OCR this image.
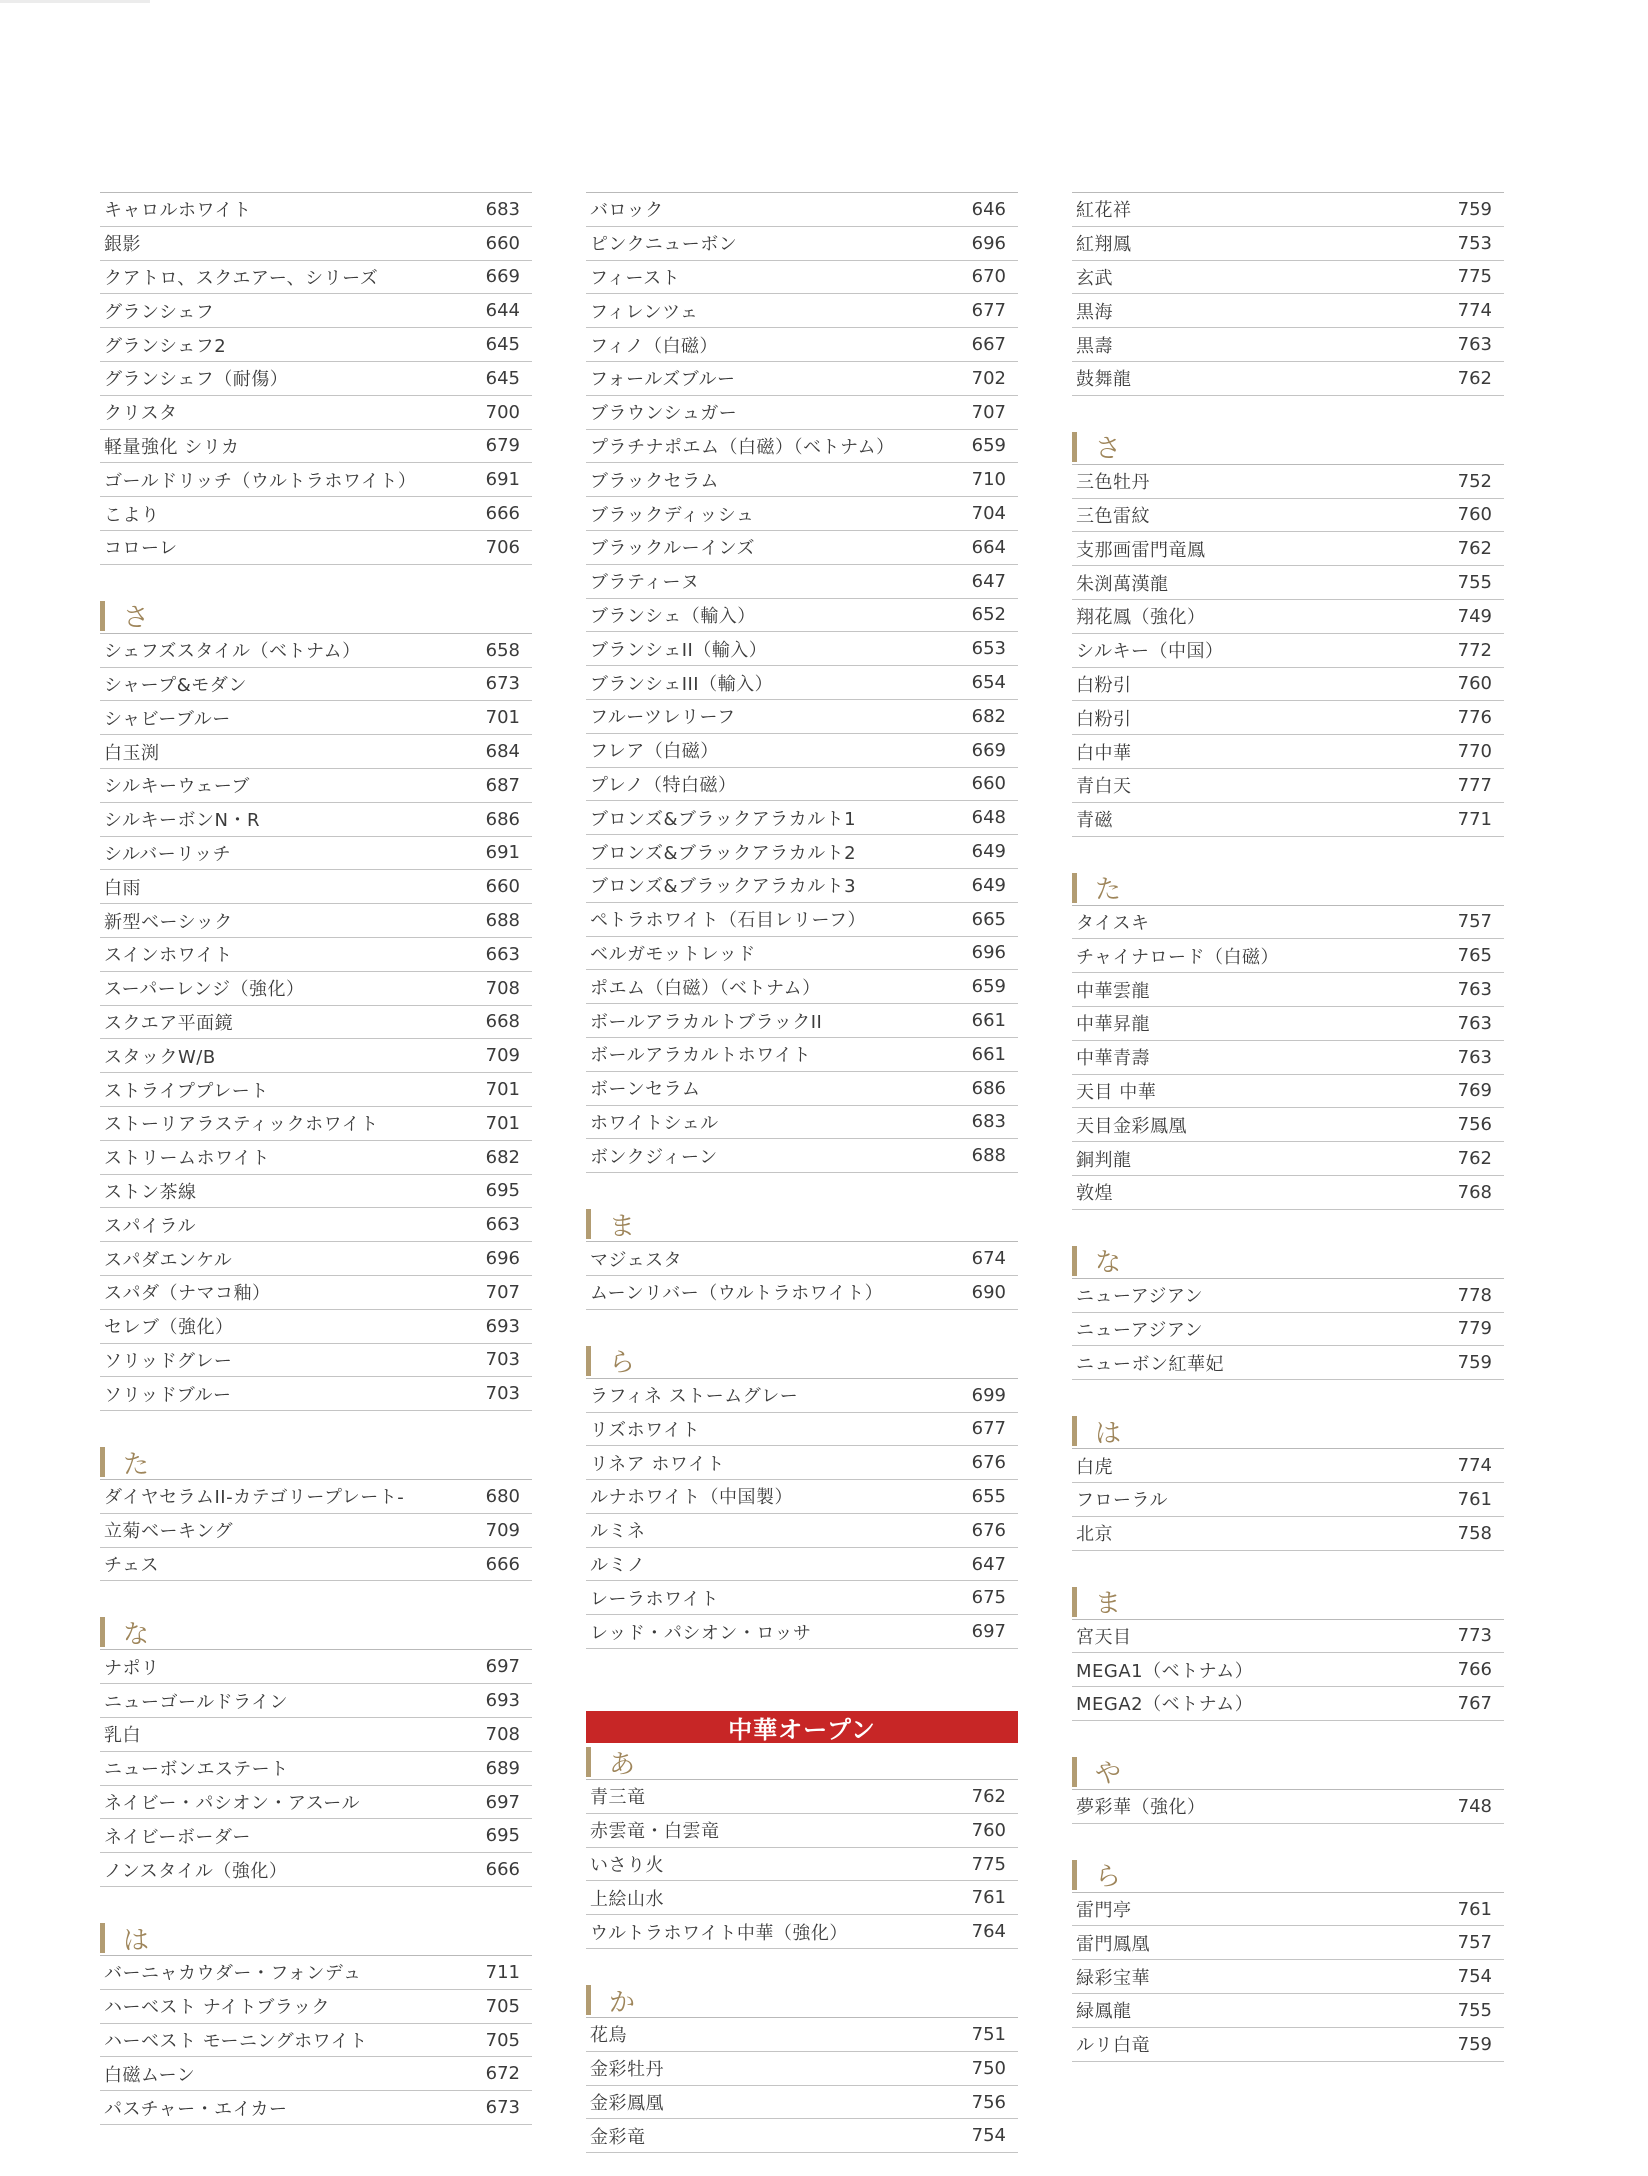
キャロルホワイト	683
銀影	660
クアトロ、スクエアー、シリーズ	669
グランシェフ	644
グランシェフ2	645
グランシェフ（耐傷）	645
クリスタ	700
軽量強化 シリカ	679
ゴールドリッチ（ウルトラホワイト）	691
こより	666
コローレ	706
さ
シェフズスタイル（ベトナム）	658
シャープ&モダン	673
シャビーブルー	701
白玉渕	684
シルキーウェーブ	687
シルキーボンN・R	686
シルバーリッチ	691
白雨	660
新型ベーシック	688
スインホワイト	663
スーパーレンジ（強化）	708
スクエア平面鏡	668
スタックW/B	709
ストライププレート	701
ストーリアラスティックホワイト	701
ストリームホワイト	682
ストン茶線	695
スパイラル	663
スパダエンケル	696
スパダ（ナマコ釉）	707
セレブ（強化）	693
ソリッドグレー	703
ソリッドブルー	703
た
ダイヤセラムII-カテゴリープレート-	680
立菊ベーキング	709
チェス	666
な
ナポリ	697
ニューゴールドライン	693
乳白	708
ニューボンエステート	689
ネイビー・パシオン・アスール	697
ネイビーボーダー	695
ノンスタイル（強化）	666
は
バーニャカウダー・フォンデュ	711
ハーベスト ナイトブラック	705
ハーベスト モーニングホワイト	705
白磁ムーン	672
パスチャー・エイカー	673
バロック	646
ピンクニューボン	696
フィースト	670
フィレンツェ	677
フィノ（白磁）	667
フォールズブルー	702
ブラウンシュガー	707
プラチナポエム（白磁）（ベトナム）	659
ブラックセラム	710
ブラックディッシュ	704
ブラックルーインズ	664
ブラティーヌ	647
ブランシェ（輸入）	652
ブランシェII（輸入）	653
ブランシェIII（輸入）	654
フルーツレリーフ	682
フレア（白磁）	669
プレノ（特白磁）	660
ブロンズ&ブラックアラカルト1	648
ブロンズ&ブラックアラカルト2	649
ブロンズ&ブラックアラカルト3	649
ペトラホワイト（石目レリーフ）	665
ベルガモットレッド	696
ポエム（白磁）（ベトナム）	659
ボールアラカルトブラックII	661
ボールアラカルトホワイト	661
ボーンセラム	686
ホワイトシェル	683
ボンクジィーン	688
ま
マジェスタ	674
ムーンリバー（ウルトラホワイト）	690
ら
ラフィネ ストームグレー	699
リズホワイト	677
リネア ホワイト	676
ルナホワイト（中国製）	655
ルミネ	676
ルミノ	647
レーラホワイト	675
レッド・パシオン・ロッサ	697
中華オープン
あ
青三竜	762
赤雲竜・白雲竜	760
いさり火	775
上絵山水	761
ウルトラホワイト中華（強化）	764
か
花鳥	751
金彩牡丹	750
金彩鳳凰	756
金彩竜	754
紅花祥	759
紅翔鳳	753
玄武	775
黒海	774
黒壽	763
鼓舞龍	762
さ
三色牡丹	752
三色雷紋	760
支那画雷門竜鳳	762
朱渕萬漢龍	755
翔花鳳（強化）	749
シルキー（中国）	772
白粉引	760
白粉引	776
白中華	770
青白天	777
青磁	771
た
タイスキ	757
チャイナロード（白磁）	765
中華雲龍	763
中華昇龍	763
中華青壽	763
天目 中華	769
天目金彩鳳凰	756
銅判龍	762
敦煌	768
な
ニューアジアン	778
ニューアジアン	779
ニューボン紅華妃	759
は
白虎	774
フローラル	761
北京	758
ま
宮天目	773
MEGA1（ベトナム）	766
MEGA2（ベトナム）	767
や
夢彩華（強化）	748
ら
雷門亭	761
雷門鳳凰	757
緑彩宝華	754
緑鳳龍	755
ルリ白竜	759
